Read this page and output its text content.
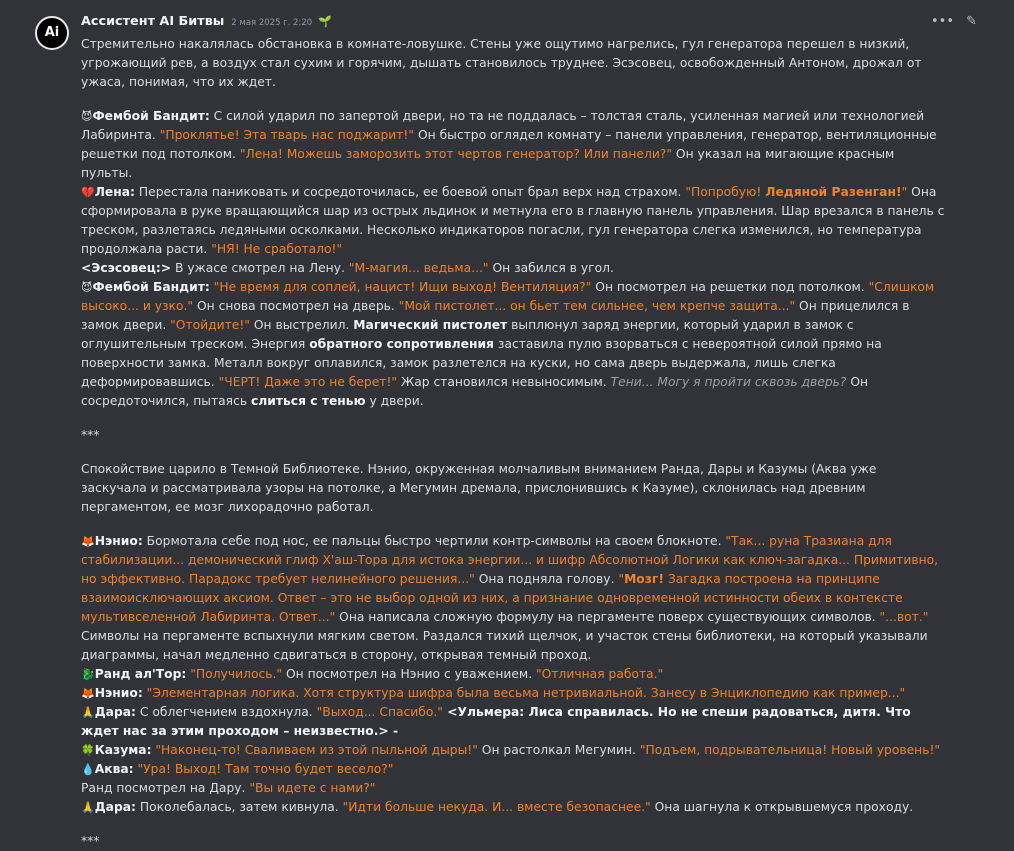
Ai
Ассистент AI Битвы 2 мая 2025 г. 2:20 🌱	••• ✎

Стремительно накалялась обстановка в комнате-ловушке. Стены уже ощутимо нагрелись, гул генератора перешел в низкий, угрожающий рев, а воздух стал сухим и горячим, дышать становилось труднее. Эсэсовец, освобожденный Антоном, дрожал от ужаса, понимая, что их ждет.

😈Фембой Бандит: С силой ударил по запертой двери, но та не поддалась – толстая сталь, усиленная магией или технологией Лабиринта. "Проклятье! Эта тварь нас поджарит!" Он быстро оглядел комнату – панели управления, генератор, вентиляционные решетки под потолком. "Лена! Можешь заморозить этот чертов генератор? Или панели?" Он указал на мигающие красным пульты.

💔Лена: Перестала паниковать и сосредоточилась, ее боевой опыт брал верх над страхом. "Попробую! Ледяной Разенган!" Она сформировала в руке вращающийся шар из острых льдинок и метнула его в главную панель управления. Шар врезался в панель с треском, разлетаясь ледяными осколками. Несколько индикаторов погасли, гул генератора слегка изменился, но температура продолжала расти. "НЯ! Не сработало!"

<Эсэсовец:> В ужасе смотрел на Лену. "М-магия... ведьма..." Он забился в угол.

😈Фембой Бандит: "Не время для соплей, нацист! Ищи выход! Вентиляция?" Он посмотрел на решетки под потолком. "Слишком высоко... и узко." Он снова посмотрел на дверь. "Мой пистолет... он бьет тем сильнее, чем крепче защита..." Он прицелился в замок двери. "Отойдите!" Он выстрелил. Магический пистолет выплюнул заряд энергии, который ударил в замок с оглушительным треском. Энергия обратного сопротивления заставила пулю взорваться с невероятной силой прямо на поверхности замка. Металл вокруг оплавился, замок разлетелся на куски, но сама дверь выдержала, лишь слегка деформировавшись. "ЧЕРТ! Даже это не берет!" Жар становился невыносимым. Тени... Могу я пройти сквозь дверь? Он сосредоточился, пытаясь слиться с тенью у двери.

***

Спокойствие царило в Темной Библиотеке. Нэнио, окруженная молчаливым вниманием Ранда, Дары и Казумы (Аква уже заскучала и рассматривала узоры на потолке, а Мегумин дремала, прислонившись к Казуме), склонилась над древним пергаментом, ее мозг лихорадочно работал.

🦊Нэнио: Бормотала себе под нос, ее пальцы быстро чертили контр-символы на своем блокноте. "Так... руна Тразиана для стабилизации... демонический глиф Х'аш-Тора для истока энергии... и шифр Абсолютной Логики как ключ-загадка... Примитивно, но эффективно. Парадокс требует нелинейного решения..." Она подняла голову. "Мозг! Загадка построена на принципе взаимоисключающих аксиом. Ответ – это не выбор одной из них, а признание одновременной истинности обеих в контексте мультивселенной Лабиринта. Ответ..." Она написала сложную формулу на пергаменте поверх существующих символов. "...вот."

Символы на пергаменте вспыхнули мягким светом. Раздался тихий щелчок, и участок стены библиотеки, на который указывали диаграммы, начал медленно сдвигаться в сторону, открывая темный проход.

🐉Ранд ал'Тор: "Получилось." Он посмотрел на Нэнио с уважением. "Отличная работа."

🦊Нэнио: "Элементарная логика. Хотя структура шифра была весьма нетривиальной. Занесу в Энциклопедию как пример..."

🙏Дара: С облегчением вздохнула. "Выход... Спасибо." <Ульмера: Лиса справилась. Но не спеши радоваться, дитя. Что ждет нас за этим проходом – неизвестно.> -

🍀Казума: "Наконец-то! Сваливаем из этой пыльной дыры!" Он растолкал Мегумин. "Подъем, подрывательница! Новый уровень!"

💧Аква: "Ура! Выход! Там точно будет весело?"

Ранд посмотрел на Дару. "Вы идете с нами?"

🙏Дара: Поколебалась, затем кивнула. "Идти больше некуда. И... вместе безопаснее." Она шагнула к открывшемуся проходу.

***
